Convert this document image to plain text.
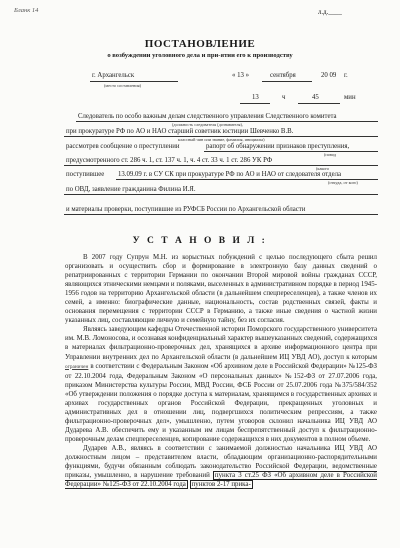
Бланк 14	л.д.____
ПОСТАНОВЛЕНИЕ
о возбуждении уголовного дела и при-ятии его к производству
г. Архангельск
(место составления)
« 13 »	сентября	20 09 г.
13	ч	45	мин
Следователь по особо важным делам следственного управления Следственного комитета
(должность следователя (дознавателя),
при прокуратуре РФ по АО и НАО старший советник юстиции Шевченко В.В.
классный чин или звание, фамилия, инициалы)
рассмотрев сообщение о преступлении	рапорт об обнаружении признаков преступления,
(повод
предусмотренного ст. 286 ч. 1, ст. 137 ч. 1, ч. 4 ст. 33 ч. 1 ст. 286 УК РФ
(какого
поступившее 13.09.09 г. в СУ СК при прокуратуре РФ по АО и НАО от следователя отдела
(откуда, от кого)
по ОВД, заявление гражданина Филина И.Я.
и материалы проверки, поступившие из РУФСБ России по Архангельской области
У С Т А Н О В И Л :

В 2007 году Супрун М.Н. из корыстных побуждений с целью последующего сбыта решил организовать и осуществить сбор и формирование в электронную базу данных сведений о репатриированных с территории Германии по окончании Второй мировой войны гражданах СССР, являющихся этническими немцами и поляками, выселенных в административном порядке в период 1945-1956 годов на территорию Архангельской области (в дальнейшем спецпереселенцев), а также членов их семей, а именно: биографические данные, национальность, состав родственных связей, факты и основания перемещения с территории СССР в Германию, а также иные сведения о частной жизни указанных лиц, составляющие личную и семейную тайну, без их согласия.

Являясь заведующим кафедры Отечественной истории Поморского государственного университета им. М.В. Ломоносова, и осознавая конфиденциальный характер вышеуказанных сведений, содержащихся в материалах фильтрационно-проверочных дел, хранящихся в архиве информационного центра при Управлении внутренних дел по Архангельской области (в дальнейшем ИЦ УВД АО), доступ к которым ограничен в соответствии с Федеральным Законом «Об архивном деле в Российской Федерации» №125-ФЗ от 22.10.2004 года, Федеральным Законом «О персональных данных» №152-ФЗ от 27.07.2006 года, приказом Министерства культуры России, МВД России, ФСБ России от 25.07.2006 года №375/584/352 «Об утверждении положения о порядке доступа к материалам, хранящимся в государственных архивах и архивах государственных органов Российской Федерации, прекращенных уголовных и административных дел в отношении лиц, подвергшихся политическим репрессиям, а также фильтрационно-проверочных дел», умышленно, путем уговоров склонил начальника ИЦ УВД АО Дударева А.В. обеспечить ему и указанным им лицам беспрепятственный доступ к фильтрационно-проверочным делам спецпереселенцев, копирование содержащихся в них документов в полном объеме.

Дударев А.В., являясь в соответствии с занимаемой должностью начальника ИЦ УВД АО должностным лицом – представителем власти, обладающим организационно-распорядительными функциями, будучи обязанным соблюдать законодательство Российской Федерации, ведомственные приказы, умышленно, в нарушение требований пункта 3 ст.25 ФЗ «Об архивном деле в Российской Федерации» №125-ФЗ от 22.10.2004 года пунктов 2-17 прика-
